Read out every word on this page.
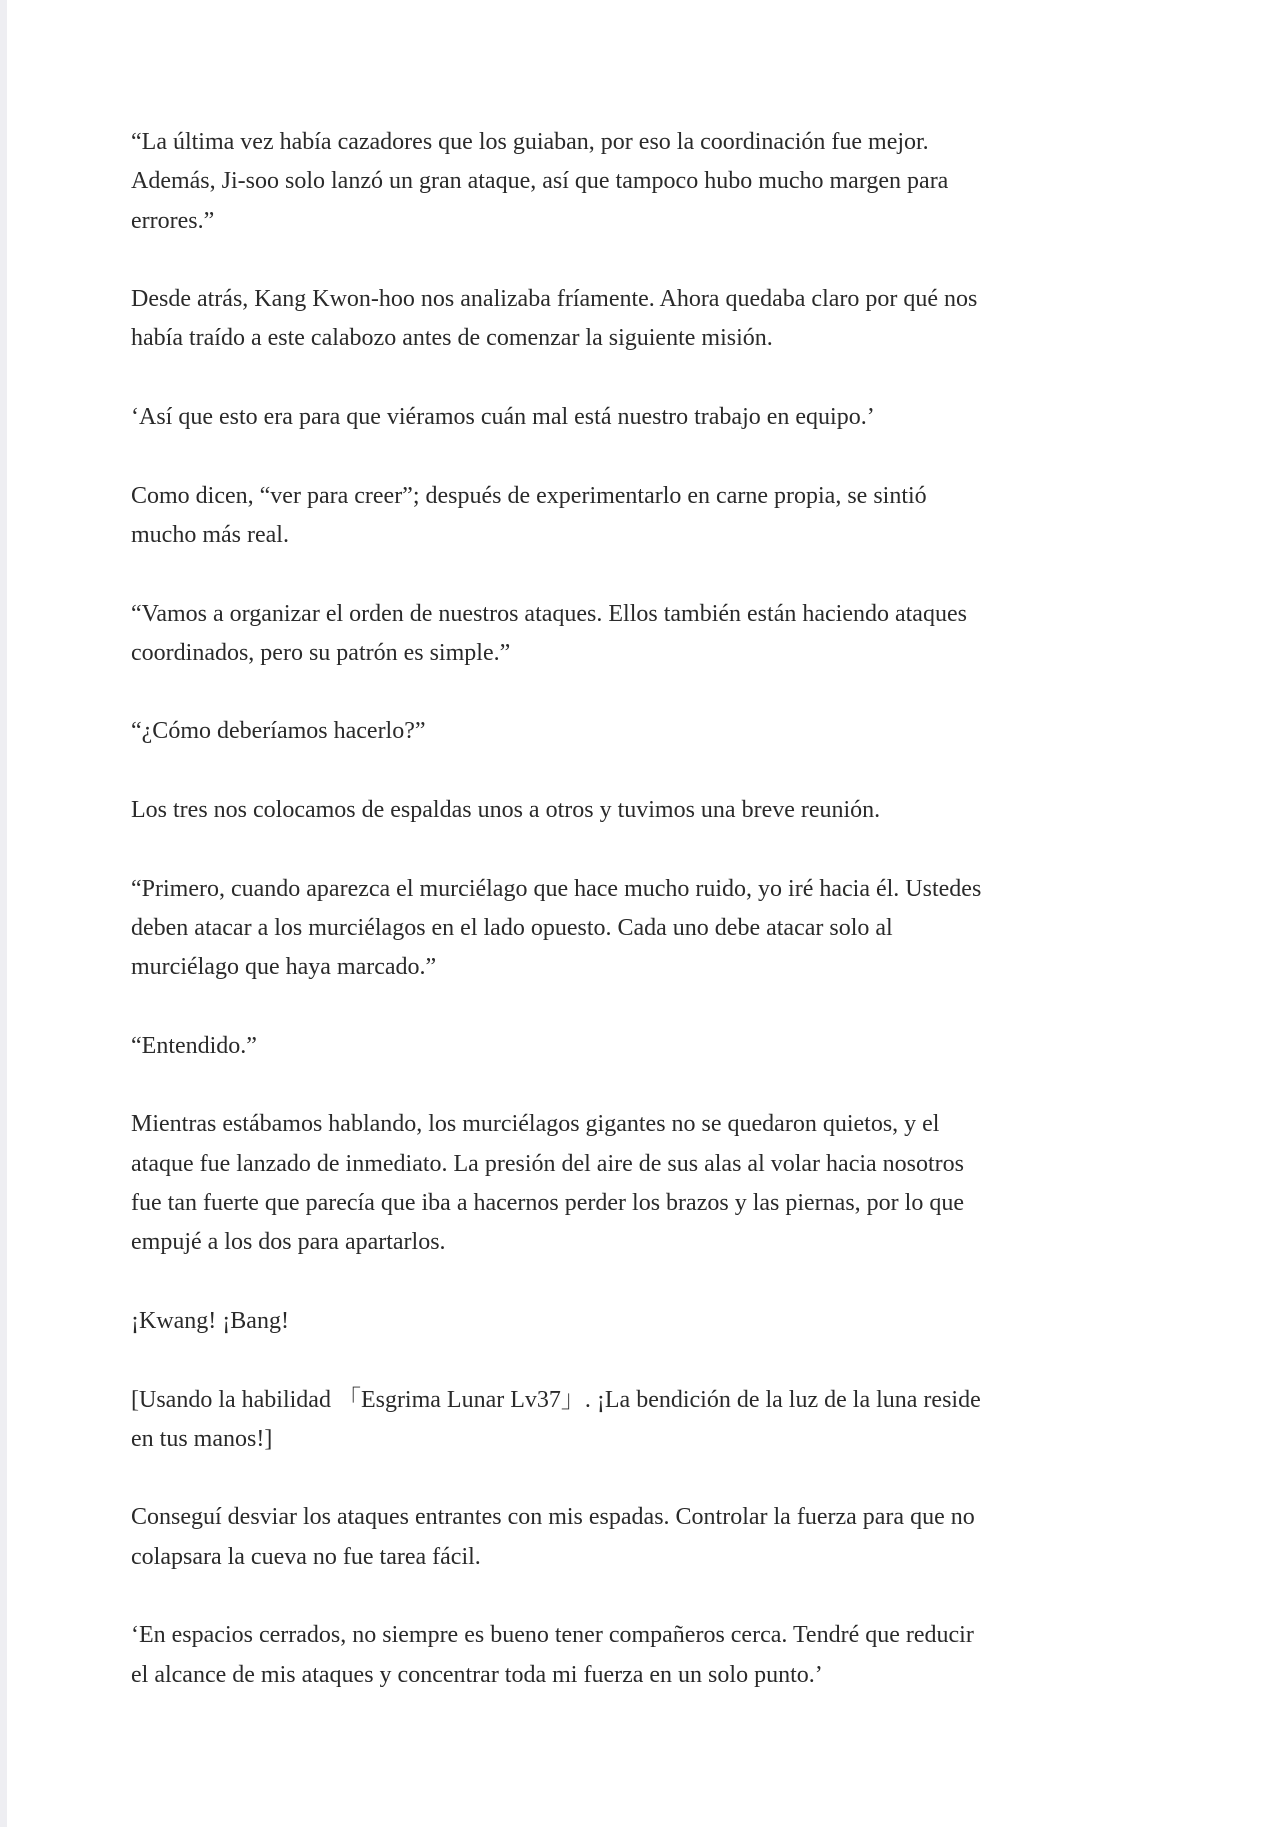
“La última vez había cazadores que los guiaban, por eso la coordinación fue mejor.
Además, Ji-soo solo lanzó un gran ataque, así que tampoco hubo mucho margen para
errores.”
Desde atrás, Kang Kwon-hoo nos analizaba fríamente. Ahora quedaba claro por qué nos
había traído a este calabozo antes de comenzar la siguiente misión.
‘Así que esto era para que viéramos cuán mal está nuestro trabajo en equipo.’
Como dicen, “ver para creer”; después de experimentarlo en carne propia, se sintió
mucho más real.
“Vamos a organizar el orden de nuestros ataques. Ellos también están haciendo ataques
coordinados, pero su patrón es simple.”
“¿Cómo deberíamos hacerlo?”
Los tres nos colocamos de espaldas unos a otros y tuvimos una breve reunión.
“Primero, cuando aparezca el murciélago que hace mucho ruido, yo iré hacia él. Ustedes
deben atacar a los murciélagos en el lado opuesto. Cada uno debe atacar solo al
murciélago que haya marcado.”
“Entendido.”
Mientras estábamos hablando, los murciélagos gigantes no se quedaron quietos, y el
ataque fue lanzado de inmediato. La presión del aire de sus alas al volar hacia nosotros
fue tan fuerte que parecía que iba a hacernos perder los brazos y las piernas, por lo que
empujé a los dos para apartarlos.
¡Kwang! ¡Bang!
[Usando la habilidad 「Esgrima Lunar Lv37」. ¡La bendición de la luz de la luna reside
en tus manos!]
Conseguí desviar los ataques entrantes con mis espadas. Controlar la fuerza para que no
colapsara la cueva no fue tarea fácil.
‘En espacios cerrados, no siempre es bueno tener compañeros cerca. Tendré que reducir
el alcance de mis ataques y concentrar toda mi fuerza en un solo punto.’
